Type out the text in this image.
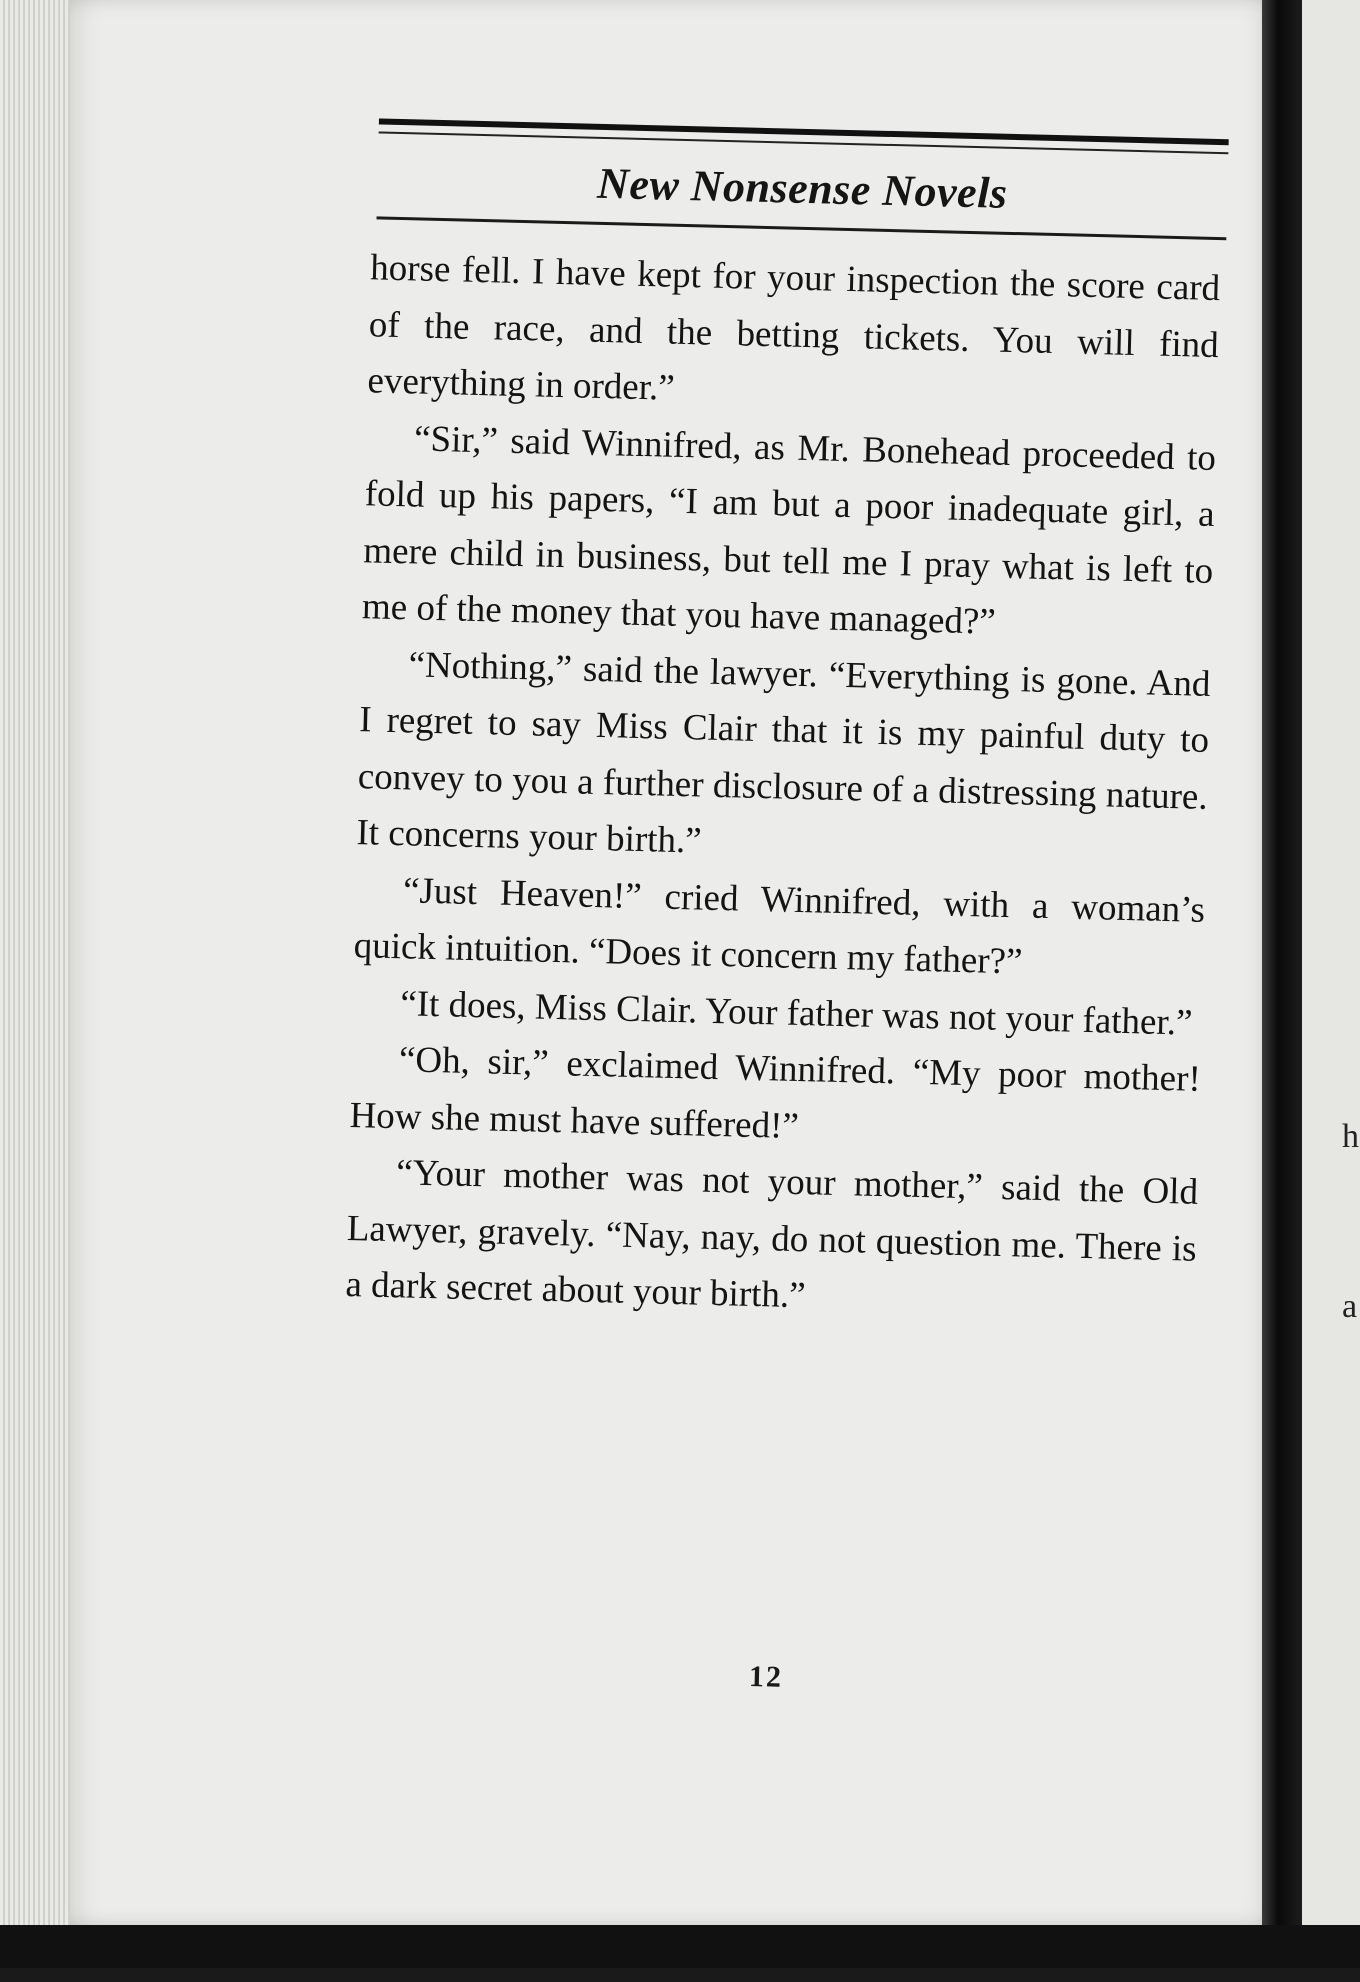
h
a
New Nonsense Novels

horse fell. I have kept for your inspection the score card of the race, and the betting tickets. You will find everything in order.”

“Sir,” said Winnifred, as Mr. Bonehead proceeded to fold up his papers, “I am but a poor inadequate girl, a mere child in business, but tell me I pray what is left to me of the money that you have managed?”

“Nothing,” said the lawyer. “Everything is gone. And I regret to say Miss Clair that it is my painful duty to convey to you a further disclosure of a distressing nature. It concerns your birth.”

“Just Heaven!” cried Winnifred, with a woman’s quick intuition. “Does it concern my father?”

“It does, Miss Clair. Your father was not your father.”

“Oh, sir,” exclaimed Winnifred. “My poor mother! How she must have suffered!”

“Your mother was not your mother,” said the Old Lawyer, gravely. “Nay, nay, do not question me. There is a dark secret about your birth.”

12
